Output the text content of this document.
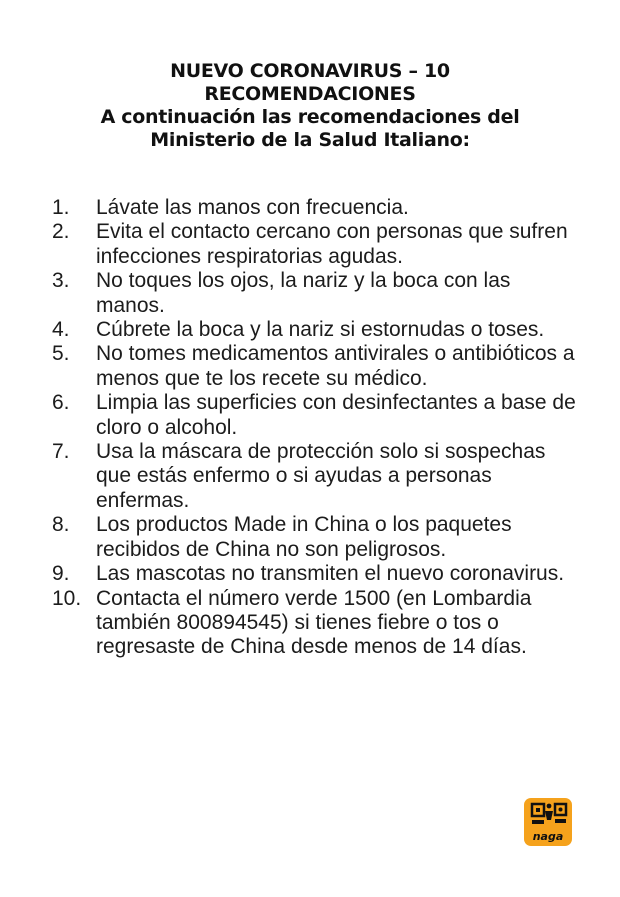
NUEVO CORONAVIRUS – 10
RECOMENDACIONES
A continuación las recomendaciones del
Ministerio de la Salud Italiano:
1.	Lávate las manos con frecuencia.
2.	Evita el contacto cercano con personas que sufren infecciones respiratorias agudas.
3.	No toques los ojos, la nariz y la boca con las manos.
4.	Cúbrete la boca y la nariz si estornudas o toses.
5.	No tomes medicamentos antivirales o antibióticos a menos que te los recete su médico.
6.	Limpia las superficies con desinfectantes a base de cloro o alcohol.
7.	Usa la máscara de protección solo si sospechas que estás enfermo o si ayudas a personas enfermas.
8.	Los productos Made in China o los paquetes recibidos de China no son peligrosos.
9.	Las mascotas no transmiten el nuevo coronavirus.
10. Contacta el número verde 1500 (en Lombardia también 800894545) si tienes fiebre o tos o regresaste de China desde menos de 14 días.
naga
